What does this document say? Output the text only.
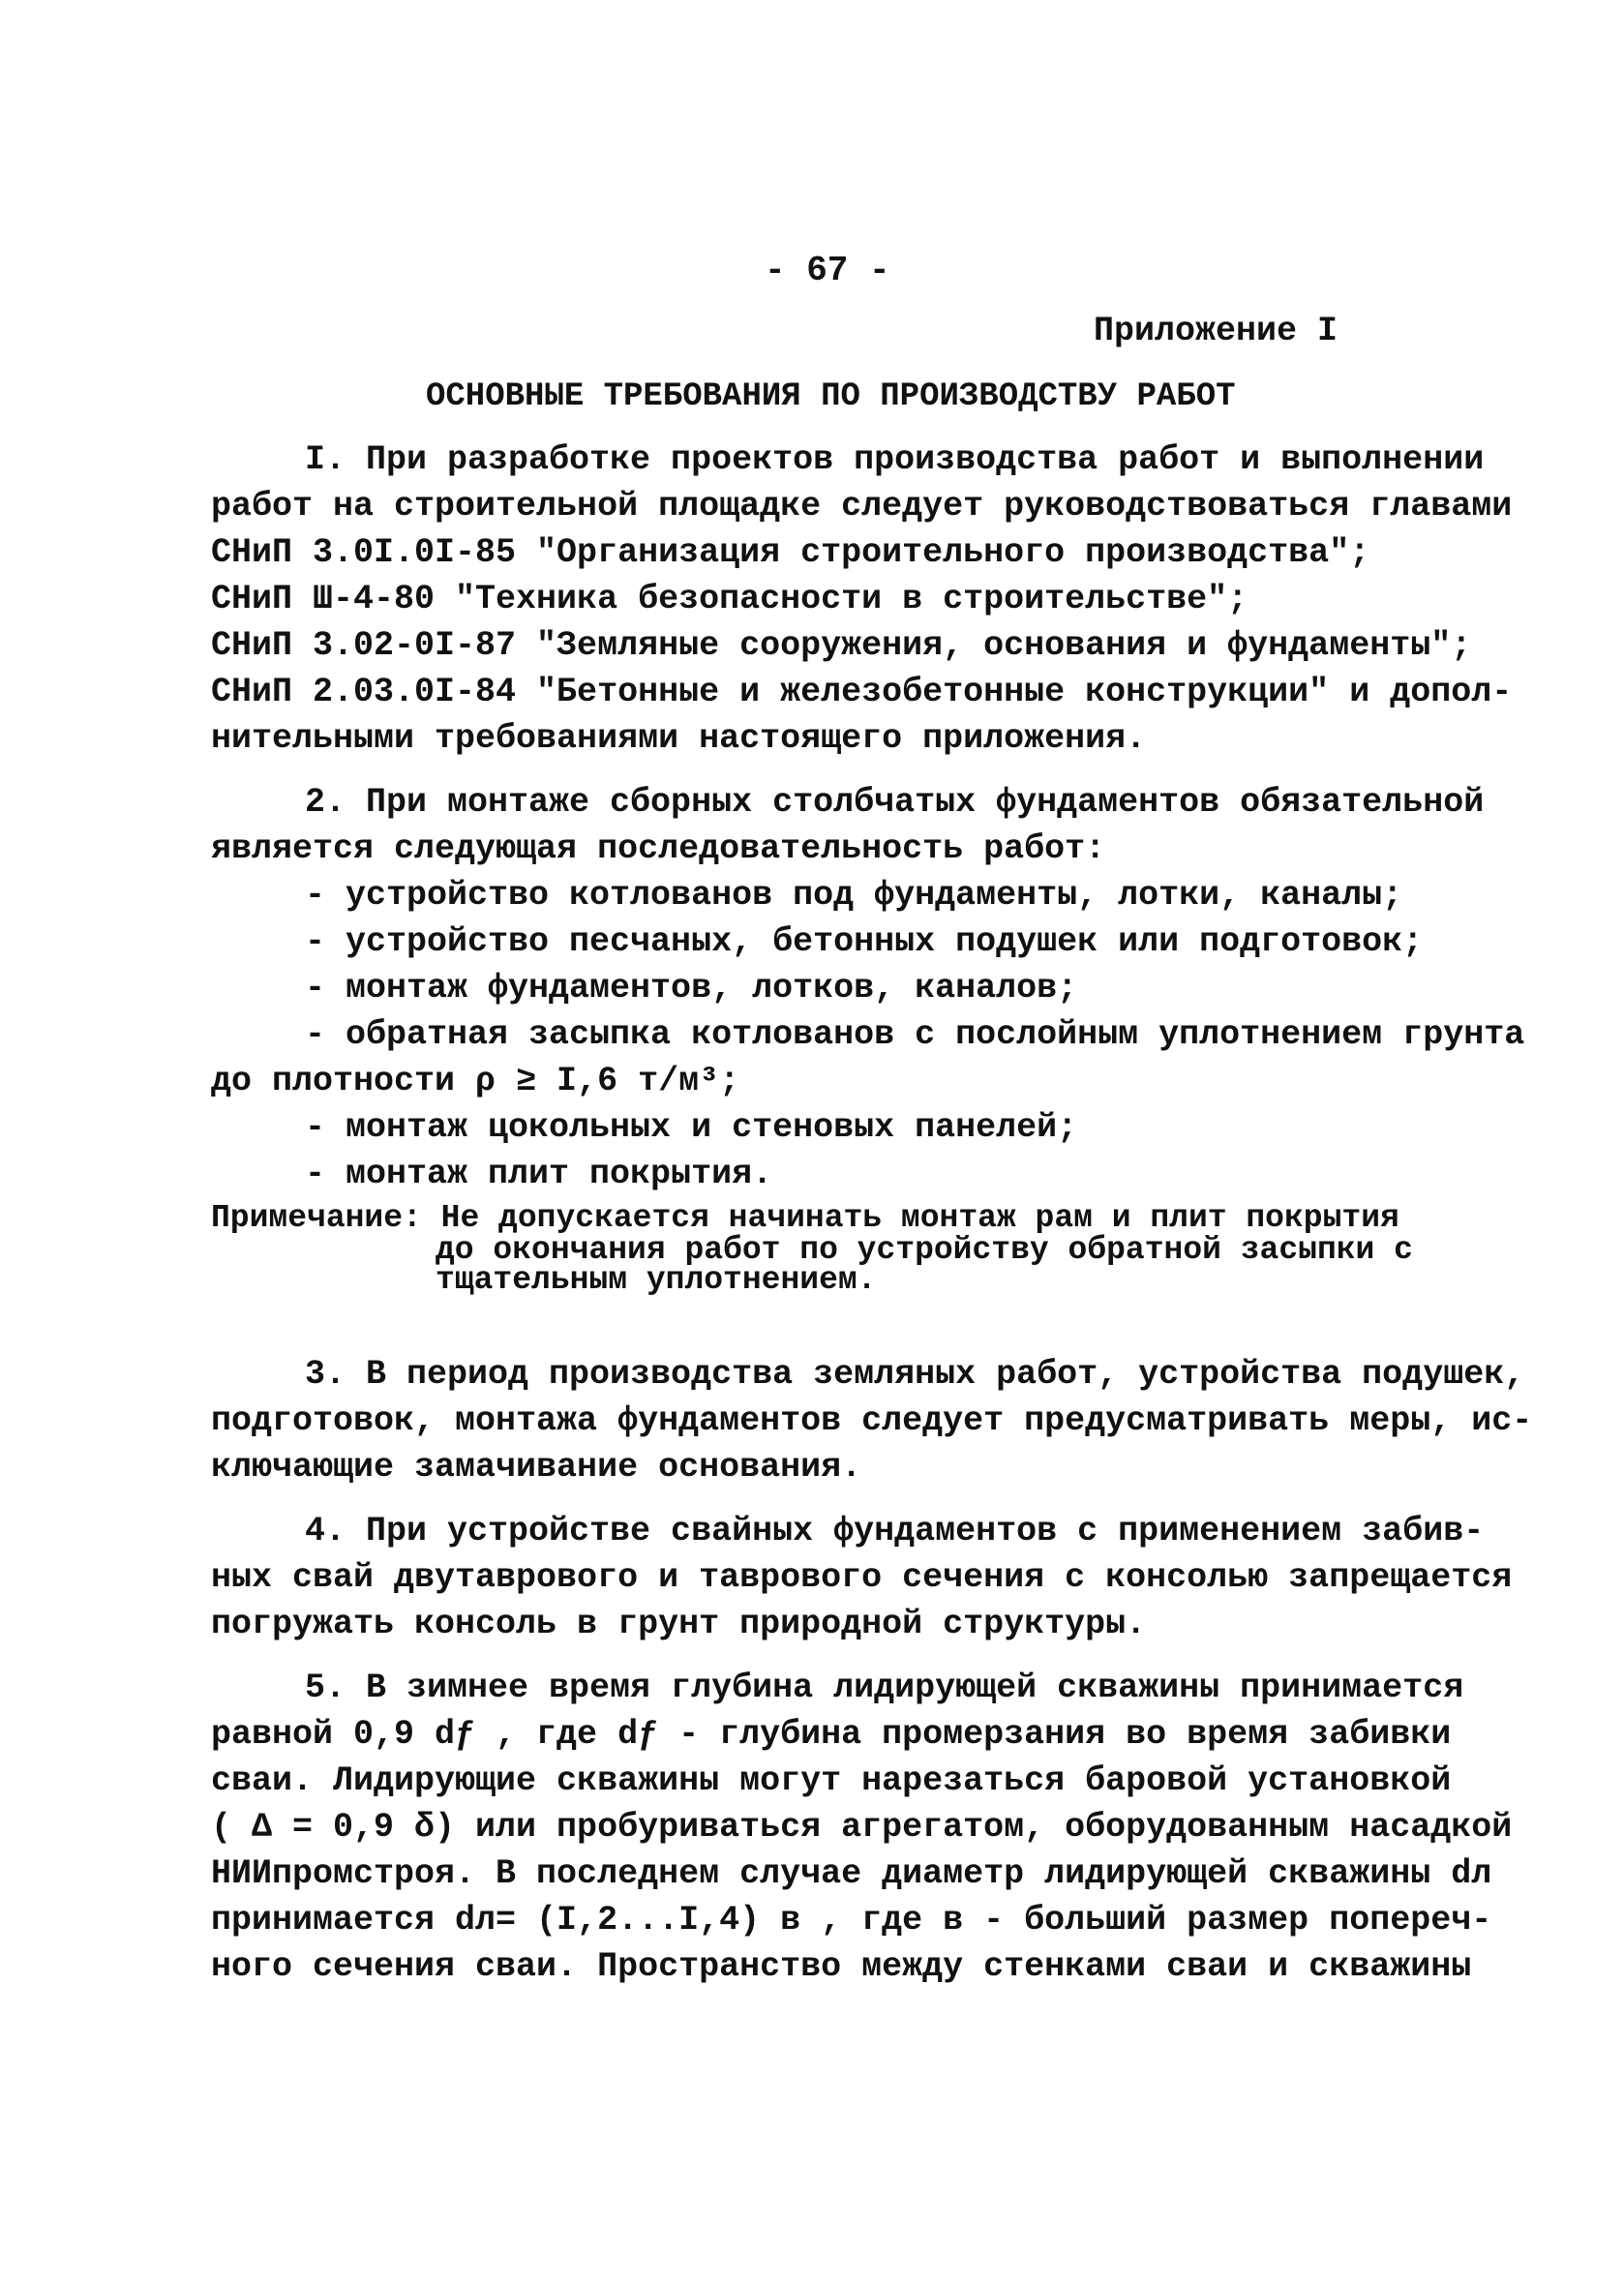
- 67 -
Приложение I
ОСНОВНЫЕ ТРЕБОВАНИЯ ПО ПРОИЗВОДСТВУ РАБОТ
I. При разработке проектов производства работ и выполнении
работ на строительной площадке следует руководствоваться главами
СНиП 3.0I.0I-85 "Организация строительного производства";
СНиП Ш-4-80 "Техника безопасности в строительстве";
СНиП 3.02-0I-87 "Земляные сооружения, основания и фундаменты";
СНиП 2.03.0I-84 "Бетонные и железобетонные конструкции" и допол-
нительными требованиями настоящего приложения.
2. При монтаже сборных столбчатых фундаментов обязательной
является следующая последовательность работ:
- устройство котлованов под фундаменты, лотки, каналы;
- устройство песчаных, бетонных подушек или подготовок;
- монтаж фундаментов, лотков, каналов;
- обратная засыпка котлованов с послойным уплотнением грунта
до плотности ρ ≥ I,6 т/м³;
- монтаж цокольных и стеновых панелей;
- монтаж плит покрытия.
Примечание: Не допускается начинать монтаж рам и плит покрытия
до окончания работ по устройству обратной засыпки с
тщательным уплотнением.
3. В период производства земляных работ, устройства подушек,
подготовок, монтажа фундаментов следует предусматривать меры, ис-
ключающие замачивание основания.
4. При устройстве свайных фундаментов с применением забив-
ных свай двутаврового и таврового сечения с консолью запрещается
погружать консоль в грунт природной структуры.
5. В зимнее время глубина лидирующей скважины принимается
равной 0,9 dƒ , где dƒ - глубина промерзания во время забивки
сваи. Лидирующие скважины могут нарезаться баровой установкой
( Δ = 0,9 δ) или пробуриваться агрегатом, оборудованным насадкой
НИИпромстроя. В последнем случае диаметр лидирующей скважины dл
принимается dл= (I,2...I,4) в , где в - больший размер попереч-
ного сечения сваи. Пространство между стенками сваи и скважины
